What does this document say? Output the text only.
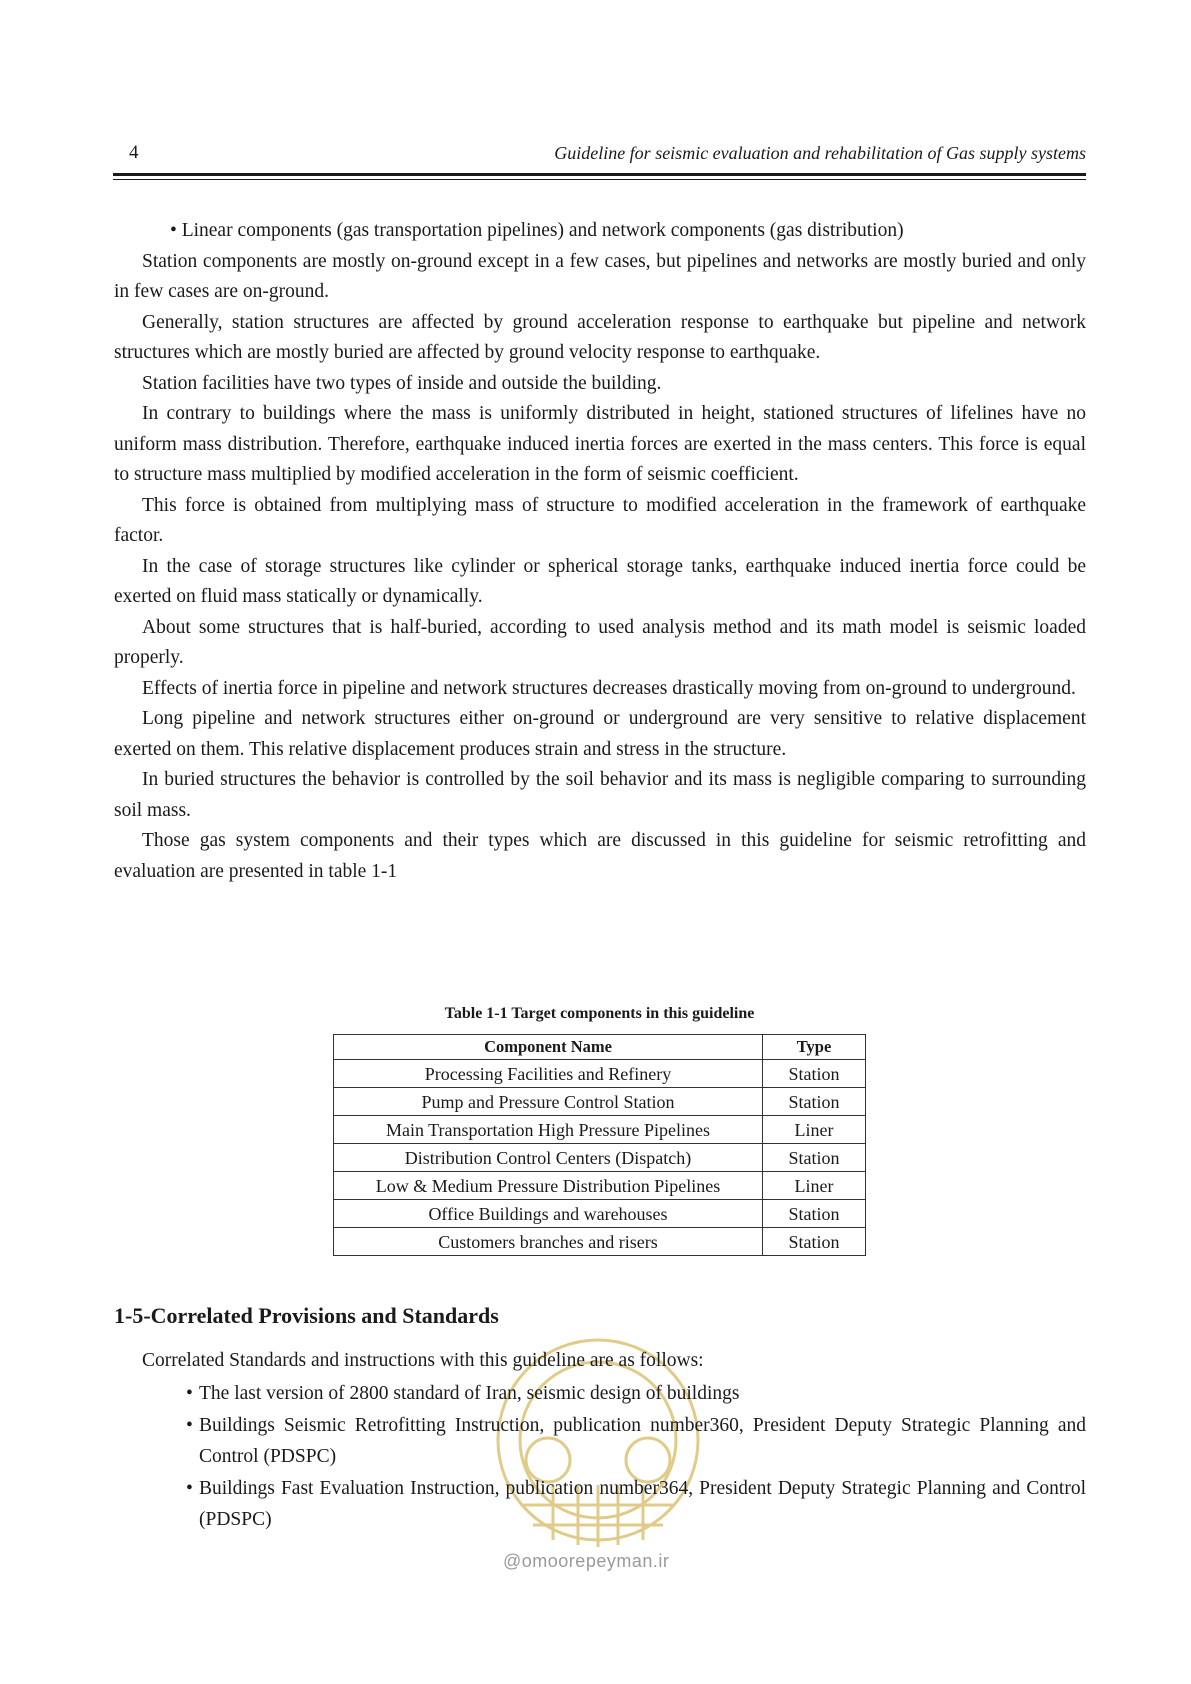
4	Guideline for seismic evaluation and rehabilitation of Gas supply systems

• Linear components (gas transportation pipelines) and network components (gas distribution)

Station components are mostly on-ground except in a few cases, but pipelines and networks are mostly buried and only in few cases are on-ground.

Generally, station structures are affected by ground acceleration response to earthquake but pipeline and network structures which are mostly buried are affected by ground velocity response to earthquake.

Station facilities have two types of inside and outside the building.

In contrary to buildings where the mass is uniformly distributed in height, stationed structures of lifelines have no uniform mass distribution. Therefore, earthquake induced inertia forces are exerted in the mass centers. This force is equal to structure mass multiplied by modified acceleration in the form of seismic coefficient.

This force is obtained from multiplying mass of structure to modified acceleration in the framework of earthquake factor.

In the case of storage structures like cylinder or spherical storage tanks, earthquake induced inertia force could be exerted on fluid mass statically or dynamically.

About some structures that is half-buried, according to used analysis method and its math model is seismic loaded properly.

Effects of inertia force in pipeline and network structures decreases drastically moving from on-ground to underground.

Long pipeline and network structures either on-ground or underground are very sensitive to relative displacement exerted on them. This relative displacement produces strain and stress in the structure.

In buried structures the behavior is controlled by the soil behavior and its mass is negligible comparing to surrounding soil mass.

Those gas system components and their types which are discussed in this guideline for seismic retrofitting and evaluation are presented in table 1-1

Table 1-1 Target components in this guideline
Component Name	Type
Processing Facilities and Refinery	Station
Pump and Pressure Control Station	Station
Main Transportation High Pressure Pipelines	Liner
Distribution Control Centers (Dispatch)	Station
Low & Medium Pressure Distribution Pipelines	Liner
Office Buildings and warehouses	Station
Customers branches and risers	Station
1-5-Correlated Provisions and Standards

Correlated Standards and instructions with this guideline are as follows:

• The last version of 2800 standard of Iran, seismic design of buildings
• Buildings Seismic Retrofitting Instruction, publication number360, President Deputy Strategic Planning and Control (PDSPC)
• Buildings Fast Evaluation Instruction, publication number364, President Deputy Strategic Planning and Control (PDSPC)
@omoorepeyman.ir
